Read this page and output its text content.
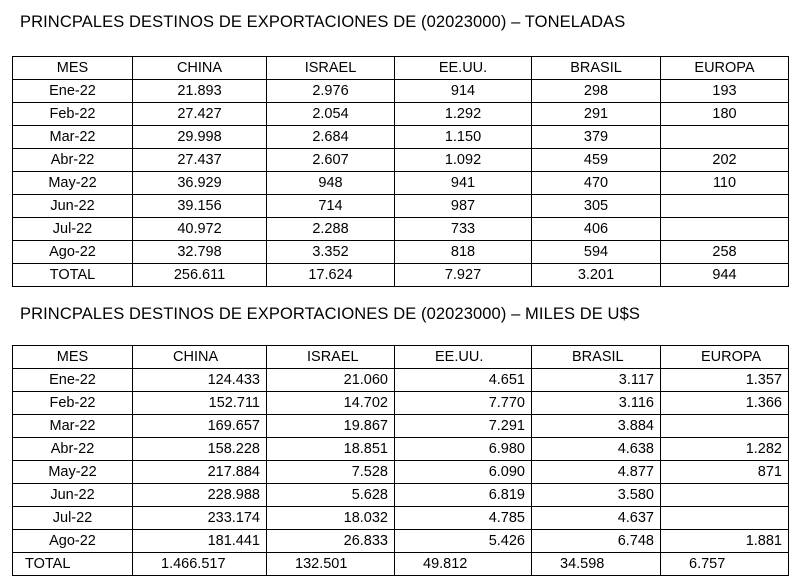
PRINCPALES DESTINOS DE EXPORTACIONES DE (02023000) – TONELADAS
MES	CHINA	ISRAEL	EE.UU.	BRASIL	EUROPA
Ene-22	21.893	2.976	914	298	193
Feb-22	27.427	2.054	1.292	291	180
Mar-22	29.998	2.684	1.150	379	
Abr-22	27.437	2.607	1.092	459	202
May-22	36.929	948	941	470	110
Jun-22	39.156	714	987	305	
Jul-22	40.972	2.288	733	406	
Ago-22	32.798	3.352	818	594	258
TOTAL	256.611	17.624	7.927	3.201	944
PRINCPALES DESTINOS DE EXPORTACIONES DE (02023000) – MILES DE U$S
MES	CHINA	ISRAEL	EE.UU.	BRASIL	EUROPA
Ene-22	124.433	21.060	4.651	3.117	1.357
Feb-22	152.711	14.702	7.770	3.116	1.366
Mar-22	169.657	19.867	7.291	3.884	
Abr-22	158.228	18.851	6.980	4.638	1.282
May-22	217.884	7.528	6.090	4.877	871
Jun-22	228.988	5.628	6.819	3.580	
Jul-22	233.174	18.032	4.785	4.637	
Ago-22	181.441	26.833	5.426	6.748	1.881
TOTAL	1.466.517	132.501	49.812	34.598	6.757
